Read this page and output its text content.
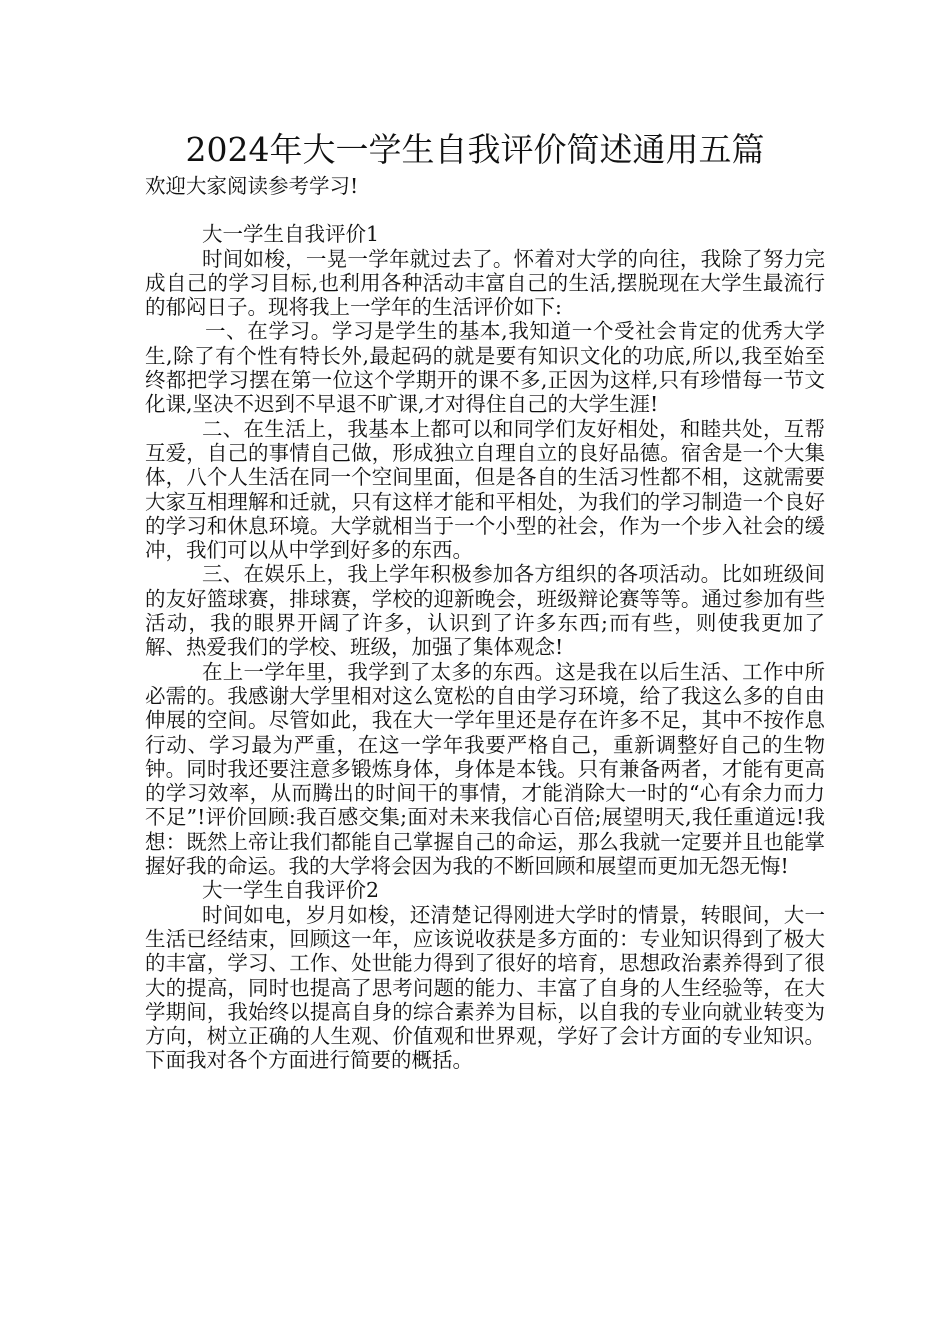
2024年大一学生自我评价简述通用五篇

欢迎大家阅读参考学习!

大一学生自我评价1

时间如梭，一晃一学年就过去了。怀着对大学的向往，我除了努力完成自己的学习目标,也利用各种活动丰富自己的生活,摆脱现在大学生最流行的郁闷日子。现将我上一学年的生活评价如下:

一、在学习。学习是学生的基本,我知道一个受社会肯定的优秀大学生,除了有个性有特长外,最起码的就是要有知识文化的功底,所以,我至始至终都把学习摆在第一位这个学期开的课不多,正因为这样,只有珍惜每一节文化课,坚决不迟到不早退不旷课,才对得住自己的大学生涯!

二、在生活上，我基本上都可以和同学们友好相处，和睦共处，互帮互爱，自己的事情自己做，形成独立自理自立的良好品德。宿舍是一个大集体，八个人生活在同一个空间里面，但是各自的生活习性都不相，这就需要大家互相理解和迁就，只有这样才能和平相处，为我们的学习制造一个良好的学习和休息环境。大学就相当于一个小型的社会，作为一个步入社会的缓冲，我们可以从中学到好多的东西。

三、在娱乐上，我上学年积极参加各方组织的各项活动。比如班级间的友好篮球赛，排球赛，学校的迎新晚会，班级辩论赛等等。通过参加有些活动，我的眼界开阔了许多，认识到了许多东西;而有些，则使我更加了解、热爱我们的学校、班级，加强了集体观念!

在上一学年里，我学到了太多的东西。这是我在以后生活、工作中所必需的。我感谢大学里相对这么宽松的自由学习环境，给了我这么多的自由伸展的空间。尽管如此，我在大一学年里还是存在许多不足，其中不按作息行动、学习最为严重，在这一学年我要严格自己，重新调整好自己的生物钟。同时我还要注意多锻炼身体，身体是本钱。只有兼备两者，才能有更高的学习效率，从而腾出的时间干的事情，才能消除大一时的“心有余力而力不足”!评价回顾:我百感交集;面对未来我信心百倍;展望明天,我任重道远!我想：既然上帝让我们都能自己掌握自己的命运，那么我就一定要并且也能掌握好我的命运。我的大学将会因为我的不断回顾和展望而更加无怨无悔!

大一学生自我评价2

时间如电，岁月如梭，还清楚记得刚进大学时的情景，转眼间，大一生活已经结束，回顾这一年，应该说收获是多方面的：专业知识得到了极大的丰富，学习、工作、处世能力得到了很好的培育，思想政治素养得到了很大的提高，同时也提高了思考问题的能力、丰富了自身的人生经验等，在大学期间，我始终以提高自身的综合素养为目标，以自我的专业向就业转变为方向，树立正确的人生观、价值观和世界观，学好了会计方面的专业知识。下面我对各个方面进行简要的概括。
